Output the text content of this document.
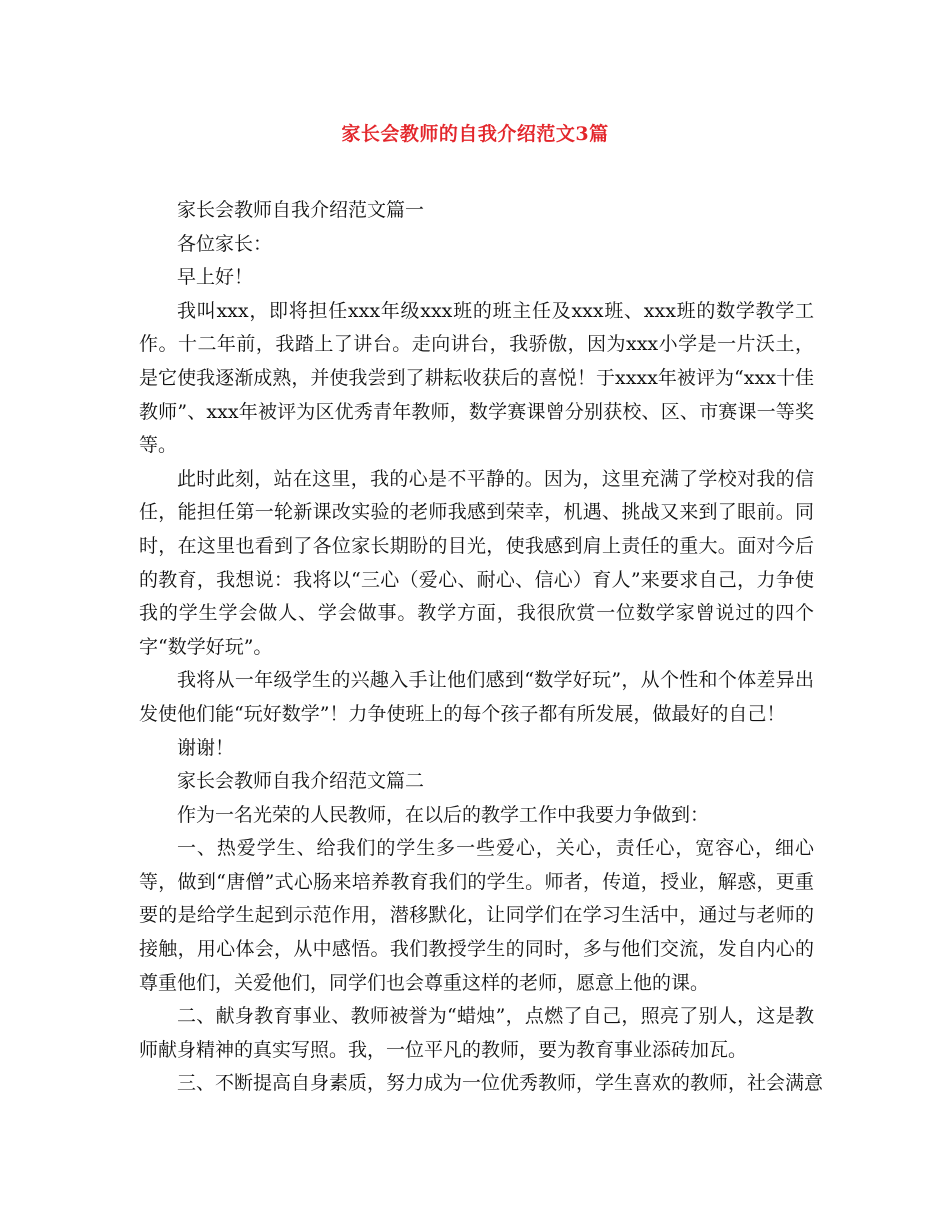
家长会教师的自我介绍范文3篇

家长会教师自我介绍范文篇一

各位家长：

早上好！

我叫xxx，即将担任xxx年级xxx班的班主任及xxx班、xxx班的数学教学工作。十二年前，我踏上了讲台。走向讲台，我骄傲，因为xxx小学是一片沃土，是它使我逐渐成熟，并使我尝到了耕耘收获后的喜悦！于xxxx年被评为“xxx十佳教师”、xxx年被评为区优秀青年教师，数学赛课曾分别获校、区、市赛课一等奖等。

此时此刻，站在这里，我的心是不平静的。因为，这里充满了学校对我的信任，能担任第一轮新课改实验的老师我感到荣幸，机遇、挑战又来到了眼前。同时，在这里也看到了各位家长期盼的目光，使我感到肩上责任的重大。面对今后的教育，我想说：我将以“三心（爱心、耐心、信心）育人”来要求自己，力争使我的学生学会做人、学会做事。教学方面，我很欣赏一位数学家曾说过的四个字“数学好玩”。

我将从一年级学生的兴趣入手让他们感到“数学好玩”，从个性和个体差异出发使他们能“玩好数学”！力争使班上的每个孩子都有所发展，做最好的自己！

谢谢！

家长会教师自我介绍范文篇二

作为一名光荣的人民教师，在以后的教学工作中我要力争做到：

一、热爱学生、给我们的学生多一些爱心，关心，责任心，宽容心，细心等，做到“唐僧”式心肠来培养教育我们的学生。师者，传道，授业，解惑，更重要的是给学生起到示范作用，潜移默化，让同学们在学习生活中，通过与老师的接触，用心体会，从中感悟。我们教授学生的同时，多与他们交流，发自内心的尊重他们，关爱他们，同学们也会尊重这样的老师，愿意上他的课。

二、献身教育事业、教师被誉为“蜡烛”，点燃了自己，照亮了别人，这是教师献身精神的真实写照。我，一位平凡的教师，要为教育事业添砖加瓦。

三、不断提高自身素质，努力成为一位优秀教师，学生喜欢的教师，社会满意
